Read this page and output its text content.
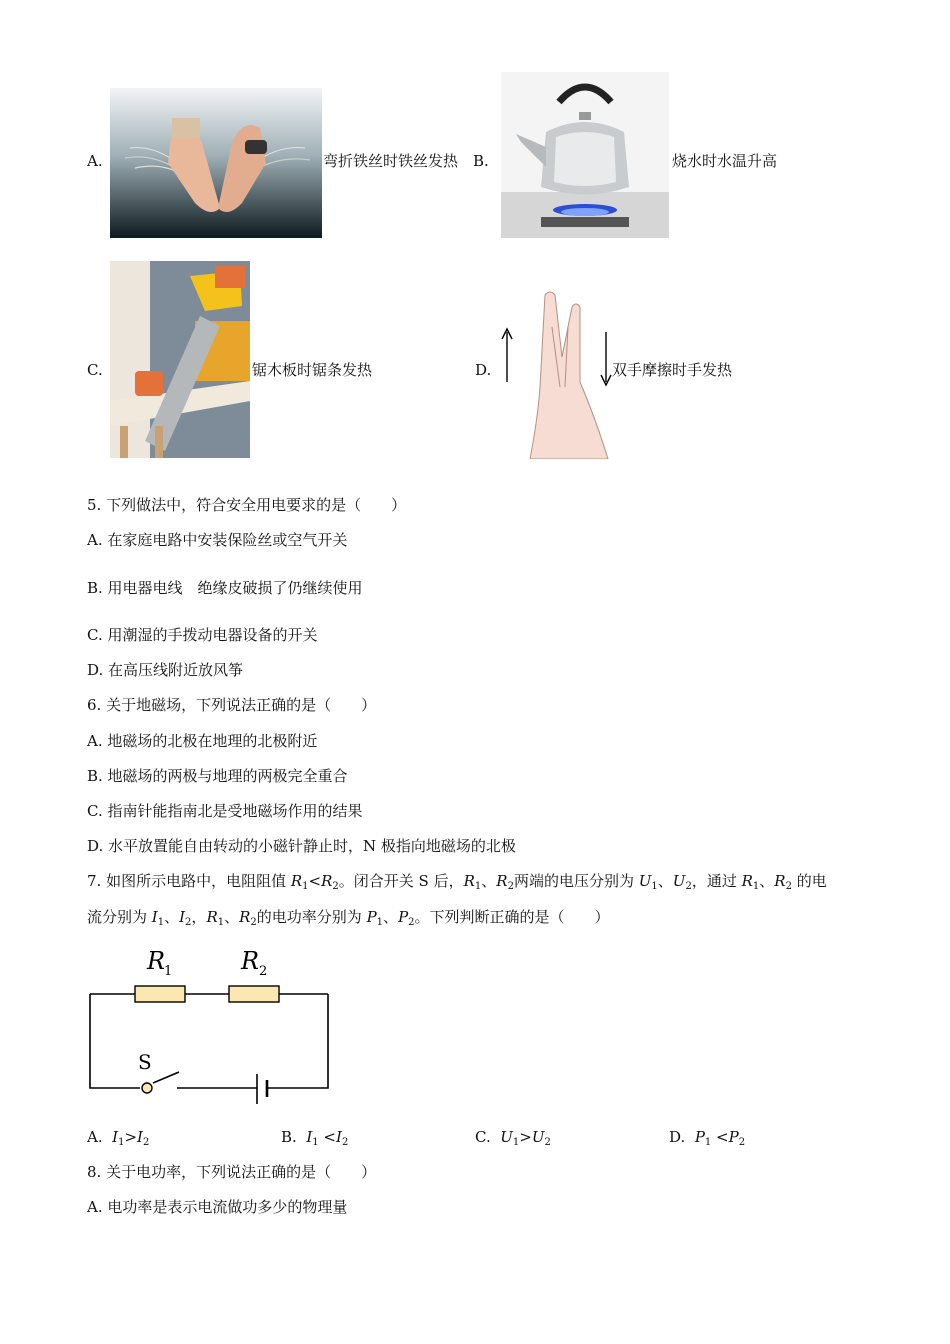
A.	弯折铁丝时铁丝发热 B.	烧水时水温升高
C.	锯木板时锯条发热	D.	双手摩擦时手发热
5. 下列做法中，符合安全用电要求的是（　　）
A. 在家庭电路中安装保险丝或空气开关
B. 用电器电线　绝缘皮破损了仍继续使用
C. 用潮湿的手拨动电器设备的开关
D. 在高压线附近放风筝
6. 关于地磁场，下列说法正确的是（　　）
A. 地磁场的北极在地理的北极附近
B. 地磁场的两极与地理的两极完全重合
C. 指南针能指南北是受地磁场作用的结果
D. 水平放置能自由转动的小磁针静止时，N 极指向地磁场的北极
7. 如图所示电路中，电阻阻值 $R_1<R_2$。闭合开关 S 后，$R_1$、$R_2$两端的电压分别为 $U_1$、$U_2$，通过 $R_1$、$R_2$ 的电
流分别为 $I_1$、$I_2$，$R_1$、$R_2$的电功率分别为 $P_1$、$P_2$。下列判断正确的是（　　）
R
1	R 2
S
A. $I_1>I_2$	B. $I_1 <I_2$	C. $U_1>U_2$	D. $P_1 <P_2$
8. 关于电功率，下列说法正确的是（　　）
A. 电功率是表示电流做功多少的物理量
